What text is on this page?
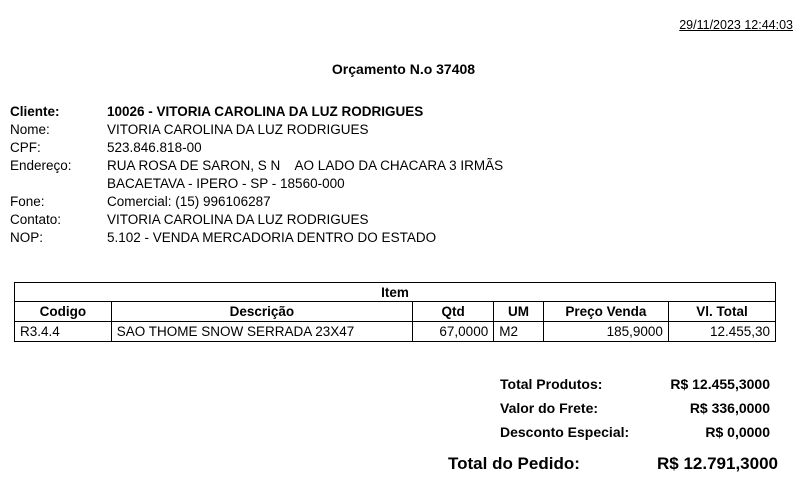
29/11/2023 12:44:03
Orçamento N.o 37408
Cliente:	10026 - VITORIA CAROLINA DA LUZ RODRIGUES
Nome:	VITORIA CAROLINA DA LUZ RODRIGUES
CPF:	523.846.818-00
Endereço:	RUA ROSA DE SARON, S N    AO LADO DA CHACARA 3 IRMÃS
BACAETAVA - IPERO - SP - 18560-000
Fone:	Comercial: (15) 996106287
Contato:	VITORIA CAROLINA DA LUZ RODRIGUES
NOP:	5.102 - VENDA MERCADORIA DENTRO DO ESTADO
Item					
Codigo	Descrição	Qtd	UM	Preço Venda	Vl. Total
R3.4.4	SAO THOME SNOW SERRADA 23X47	67,0000	M2	185,9000	12.455,30
Total Produtos:	R$ 12.455,3000
Valor do Frete:	R$ 336,0000
Desconto Especial:	R$ 0,0000
Total do Pedido:	R$ 12.791,3000
